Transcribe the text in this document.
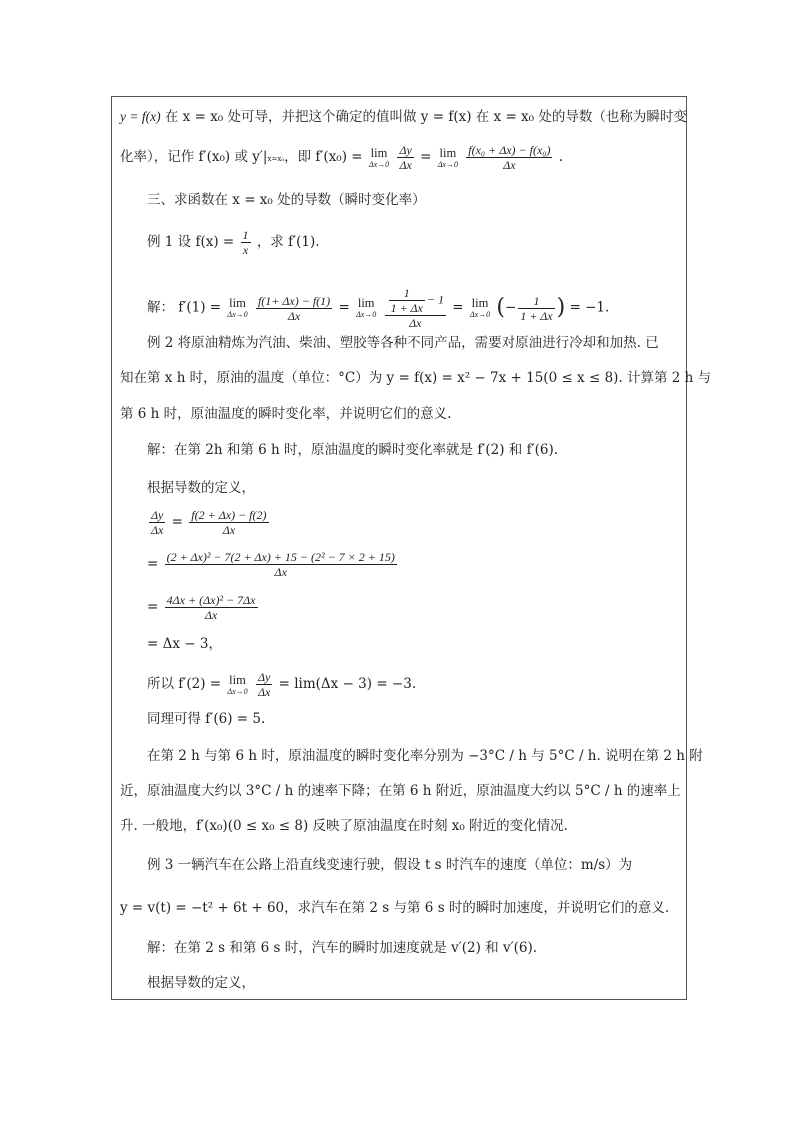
y = f(x) 在 x = x₀ 处可导，并把这个确定的值叫做 y = f(x) 在 x = x₀ 处的导数（也称为瞬时变
化率），记作 f′(x₀) 或 y′|x=x₀，即 f′(x₀) = lim
Δx→0
$\frac{\Delta y}{\Delta x} = \lim$
Δx→0
$\frac{\text{f(x₀ + Δx) − f(x₀)}}{\Delta x}$ .
三、求函数在 x = x₀ 处的导数（瞬时变化率）
例 1 设 $f(x) = \frac{1}{x}$ ，求 f′(1).
解： f′(1) = lim
Δx→0
$\frac{f(1+ \Delta x) - f(1)}{\Delta x} = \lim$
Δx→0
$\frac{\frac{1}{1 + \Delta x} - 1}{\Delta x} = \lim$
Δx→0 (− $\frac{1}{1 + \Delta x}$ ) = −1.
例 2 将原油精炼为汽油、柴油、塑胶等各种不同产品，需要对原油进行冷却和加热. 已
知在第 x h 时，原油的温度（单位：°C）为 y = f(x) = x² − 7x + 15(0 ≤ x ≤ 8). 计算第 2 h 与
第 6 h 时，原油温度的瞬时变化率，并说明它们的意义.
解：在第 2h 和第 6 h 时，原油温度的瞬时变化率就是 f′(2) 和 f′(6).
根据导数的定义，
$\frac{\Delta y}{\Delta x} = \frac{f(2 + \Delta x) - f(2)}{\Delta x}$
= $\frac{\text{(2 + Δx)² − 7(2 + Δx) + 15 − (2² − 7 × 2 + 15)}}{\Delta x}$
= $\frac{\text{4Δx + (Δx)² − 7Δx}}{\Delta x}$
= Δx − 3，
所以 f′(2) = lim
Δx→0
$\frac{\Delta y}{\Delta x} = \lim(\Delta x - 3) = -3$.
同理可得 f′(6) = 5.
在第 2 h 与第 6 h 时，原油温度的瞬时变化率分别为 −3°C / h 与 5°C / h. 说明在第 2 h 附
近，原油温度大约以 3°C / h 的速率下降；在第 6 h 附近，原油温度大约以 5°C / h 的速率上
升. 一般地，f′(x₀)(0 ≤ x₀ ≤ 8) 反映了原油温度在时刻 x₀ 附近的变化情况.
例 3 一辆汽车在公路上沿直线变速行驶，假设 t s 时汽车的速度（单位：m/s）为
y = v(t) = −t² + 6t + 60，求汽车在第 2 s 与第 6 s 时的瞬时加速度，并说明它们的意义.
解：在第 2 s 和第 6 s 时，汽车的瞬时加速度就是 v′(2) 和 v′(6).
根据导数的定义，
